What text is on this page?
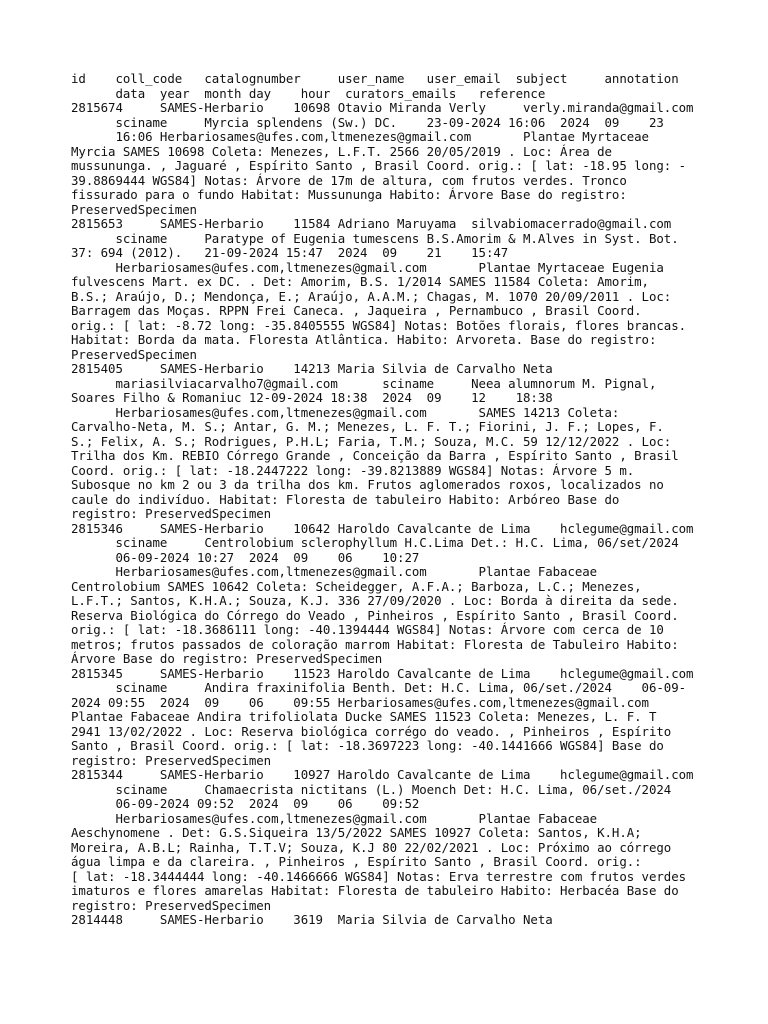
id    coll_code   catalognumber     user_name   user_email  subject     annotation
data  year  month day    hour  curators_emails   reference
2815674     SAMES-Herbario    10698 Otavio Miranda Verly     verly.miranda@gmail.com
sciname     Myrcia splendens (Sw.) DC.    23-09-2024 16:06  2024  09    23
16:06 Herbariosames@ufes.com,ltmenezes@gmail.com       Plantae Myrtaceae
Myrcia SAMES 10698 Coleta: Menezes, L.F.T. 2566 20/05/2019 . Loc: Área de
mussununga. , Jaguaré , Espírito Santo , Brasil Coord. orig.: [ lat: -18.95 long: -
39.8869444 WGS84] Notas: Árvore de 17m de altura, com frutos verdes. Tronco
fissurado para o fundo Habitat: Mussununga Habito: Árvore Base do registro:
PreservedSpecimen
2815653     SAMES-Herbario    11584 Adriano Maruyama  silvabiomacerrado@gmail.com
sciname     Paratype of Eugenia tumescens B.S.Amorim & M.Alves in Syst. Bot.
37: 694 (2012).   21-09-2024 15:47  2024  09    21    15:47
Herbariosames@ufes.com,ltmenezes@gmail.com       Plantae Myrtaceae Eugenia
fulvescens Mart. ex DC. . Det: Amorim, B.S. 1/2014 SAMES 11584 Coleta: Amorim,
B.S.; Araújo, D.; Mendonça, E.; Araújo, A.A.M.; Chagas, M. 1070 20/09/2011 . Loc:
Barragem das Moças. RPPN Frei Caneca. , Jaqueira , Pernambuco , Brasil Coord.
orig.: [ lat: -8.72 long: -35.8405555 WGS84] Notas: Botões florais, flores brancas.
Habitat: Borda da mata. Floresta Atlântica. Habito: Arvoreta. Base do registro:
PreservedSpecimen
2815405     SAMES-Herbario    14213 Maria Silvia de Carvalho Neta
mariasilviacarvalho7@gmail.com      sciname     Neea alumnorum M. Pignal,
Soares Filho & Romaniuc 12-09-2024 18:38  2024  09    12    18:38
Herbariosames@ufes.com,ltmenezes@gmail.com       SAMES 14213 Coleta:
Carvalho-Neta, M. S.; Antar, G. M.; Menezes, L. F. T.; Fiorini, J. F.; Lopes, F.
S.; Felix, A. S.; Rodrigues, P.H.L; Faria, T.M.; Souza, M.C. 59 12/12/2022 . Loc:
Trilha dos Km. REBIO Córrego Grande , Conceição da Barra , Espírito Santo , Brasil
Coord. orig.: [ lat: -18.2447222 long: -39.8213889 WGS84] Notas: Árvore 5 m.
Subosque no km 2 ou 3 da trilha dos km. Frutos aglomerados roxos, localizados no
caule do indivíduo. Habitat: Floresta de tabuleiro Habito: Arbóreo Base do
registro: PreservedSpecimen
2815346     SAMES-Herbario    10642 Haroldo Cavalcante de Lima    hclegume@gmail.com
sciname     Centrolobium sclerophyllum H.C.Lima Det.: H.C. Lima, 06/set/2024
06-09-2024 10:27  2024  09    06    10:27
Herbariosames@ufes.com,ltmenezes@gmail.com       Plantae Fabaceae
Centrolobium SAMES 10642 Coleta: Scheidegger, A.F.A.; Barboza, L.C.; Menezes,
L.F.T.; Santos, K.H.A.; Souza, K.J. 336 27/09/2020 . Loc: Borda à direita da sede.
Reserva Biológica do Córrego do Veado , Pinheiros , Espírito Santo , Brasil Coord.
orig.: [ lat: -18.3686111 long: -40.1394444 WGS84] Notas: Árvore com cerca de 10
metros; frutos passados de coloração marrom Habitat: Floresta de Tabuleiro Habito:
Árvore Base do registro: PreservedSpecimen
2815345     SAMES-Herbario    11523 Haroldo Cavalcante de Lima    hclegume@gmail.com
sciname     Andira fraxinifolia Benth. Det: H.C. Lima, 06/set./2024    06-09-
2024 09:55  2024  09    06    09:55 Herbariosames@ufes.com,ltmenezes@gmail.com
Plantae Fabaceae Andira trifoliolata Ducke SAMES 11523 Coleta: Menezes, L. F. T
2941 13/02/2022 . Loc: Reserva biológica corrégo do veado. , Pinheiros , Espírito
Santo , Brasil Coord. orig.: [ lat: -18.3697223 long: -40.1441666 WGS84] Base do
registro: PreservedSpecimen
2815344     SAMES-Herbario    10927 Haroldo Cavalcante de Lima    hclegume@gmail.com
sciname     Chamaecrista nictitans (L.) Moench Det: H.C. Lima, 06/set./2024
06-09-2024 09:52  2024  09    06    09:52
Herbariosames@ufes.com,ltmenezes@gmail.com       Plantae Fabaceae
Aeschynomene . Det: G.S.Siqueira 13/5/2022 SAMES 10927 Coleta: Santos, K.H.A;
Moreira, A.B.L; Rainha, T.T.V; Souza, K.J 80 22/02/2021 . Loc: Próximo ao córrego
água limpa e da clareira. , Pinheiros , Espírito Santo , Brasil Coord. orig.:
[ lat: -18.3444444 long: -40.1466666 WGS84] Notas: Erva terrestre com frutos verdes
imaturos e flores amarelas Habitat: Floresta de tabuleiro Habito: Herbacéa Base do
registro: PreservedSpecimen
2814448     SAMES-Herbario    3619  Maria Silvia de Carvalho Neta
